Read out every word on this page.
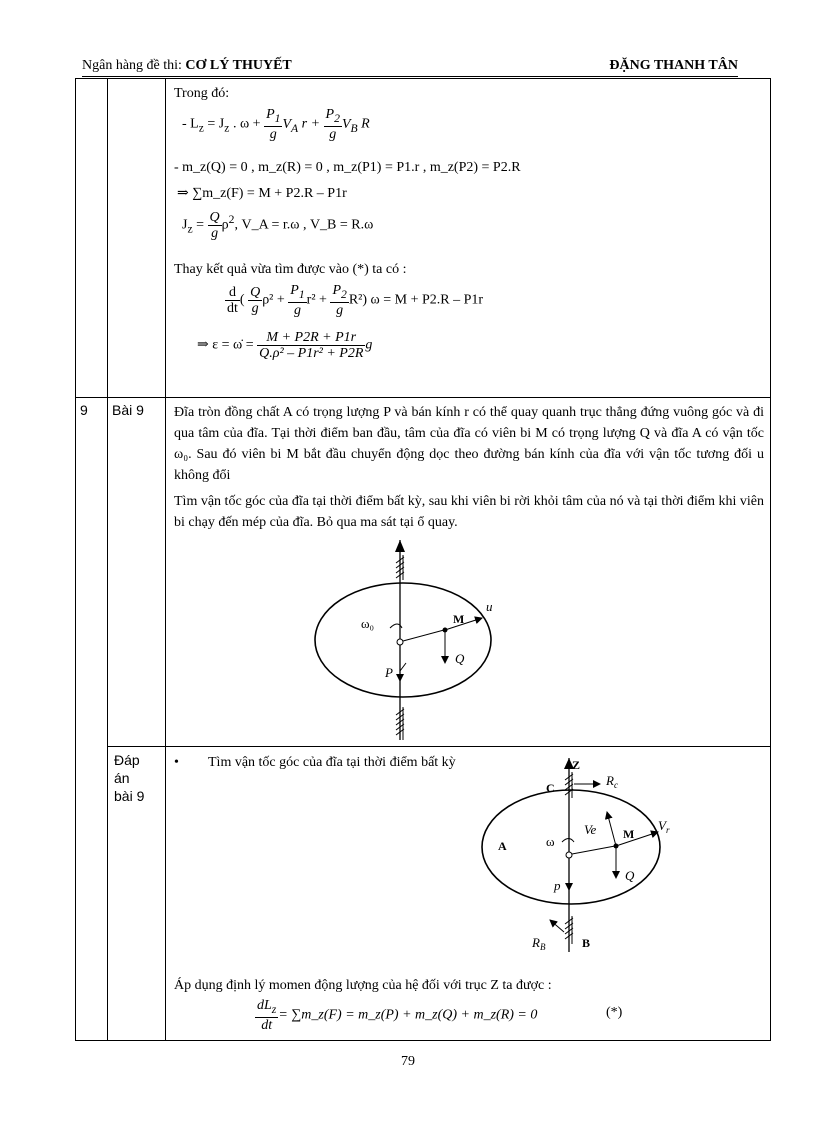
Ngân hàng đề thi: CƠ LÝ THUYẾT	ĐẶNG THANH TÂN
Trong đó:
- $L_z = J_z$ . $\omega + \frac{P_1}{g} V_A$ $r + \frac{P_2}{g} V_B$ R
- m_z(Q) = 0 , m_z(R) = 0 , m_z(P1) = P1.r , m_z(P2) = P2.R
⇒ ∑m_z(F) = M + P2.R – P1r
$J_z = \frac{Q}{g} \rho^2$, V_A = r.ω , V_B = R.ω
Thay kết quả vừa tìm được vào (*) ta có :
$\frac{d}{dt}$ ( $\frac{Q}{g} \rho^2 + \frac{P_1}{g} r^2 + \frac{P_2}{g} R^2$) ω = M + P2.R – P1r
⇒ ε = ω̇ = $\frac{M + P2R + P1r}{\text{Q.ρ² – P1r² + P2R}}$ g
9 Bài 9 Đĩa tròn đồng chất A có trọng lượng P và bán kính r có thể quay quanh trục thẳng đứng vuông góc và đi qua tâm của đĩa. Tại thời điểm ban đầu, tâm của đĩa có viên bi M có trọng lượng Q và đĩa A có vận tốc ω₀. Sau đó viên bi M bắt đầu chuyển động dọc theo đường bán kính của đĩa với vận tốc tương đối u không đổi
Tìm vận tốc góc của đĩa tại thời điểm bất kỳ, sau khi viên bi rời khỏi tâm của nó và tại thời điểm khi viên bi chạy đến mép của đĩa. Bỏ qua ma sát tại ổ quay.
ω₀	M
u
Q
P
Đáp
án
bài 9
• Tìm vận tốc góc của đĩa tại thời điểm bất kỳ	Z
C	$R_c$
Ve M
$V_r$
ω
A
Q
p
$R_B$	B
Áp dụng định lý momen động lượng của hệ đối với trục Z ta được :
$\frac{dL_z}{dt}$ = ∑m_z(F) = m_z(P) + m_z(Q) + m_z(R) = 0	(*)
79
